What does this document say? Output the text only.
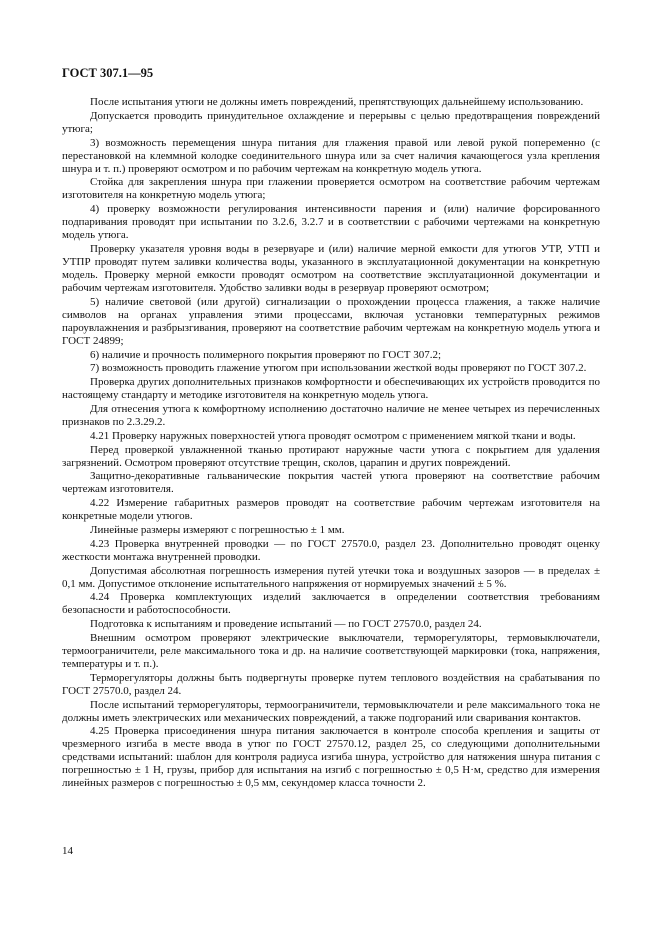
ГОСТ 307.1—95

После испытания утюги не должны иметь повреждений, препятствующих дальнейшему использованию.

Допускается проводить принудительное охлаждение и перерывы с целью предотвращения повреждений утюга;

3) возможность перемещения шнура питания для глажения правой или левой рукой попеременно (с перестановкой на клеммной колодке соединительного шнура или за счет наличия качающегося узла крепления шнура и т. п.) проверяют осмотром и по рабочим чертежам на конкретную модель утюга.

Стойка для закрепления шнура при глажении проверяется осмотром на соответствие рабочим чертежам изготовителя на конкретную модель утюга;

4) проверку возможности регулирования интенсивности парения и (или) наличие форсированного подпаривания проводят при испытании по 3.2.6, 3.2.7 и в соответствии с рабочими чертежами на конкретную модель утюга.

Проверку указателя уровня воды в резервуаре и (или) наличие мерной емкости для утюгов УТР, УТП и УТПР проводят путем заливки количества воды, указанного в эксплуатационной документации на конкретную модель. Проверку мерной емкости проводят осмотром на соответствие эксплуатационной документации и рабочим чертежам изготовителя. Удобство заливки воды в резервуар проверяют осмотром;

5) наличие световой (или другой) сигнализации о прохождении процесса глажения, а также наличие символов на органах управления этими процессами, включая установки температурных режимов пароувлажнения и разбрызгивания, проверяют на соответствие рабочим чертежам на конкретную модель утюга и ГОСТ 24899;

6) наличие и прочность полимерного покрытия проверяют по ГОСТ 307.2;

7) возможность проводить глажение утюгом при использовании жесткой воды проверяют по ГОСТ 307.2.

Проверка других дополнительных признаков комфортности и обеспечивающих их устройств проводится по настоящему стандарту и методике изготовителя на конкретную модель утюга.

Для отнесения утюга к комфортному исполнению достаточно наличие не менее четырех из перечисленных признаков по 2.3.29.2.

4.21 Проверку наружных поверхностей утюга проводят осмотром с применением мягкой ткани и воды.

Перед проверкой увлажненной тканью протирают наружные части утюга с покрытием для удаления загрязнений. Осмотром проверяют отсутствие трещин, сколов, царапин и других повреждений.

Защитно-декоративные гальванические покрытия частей утюга проверяют на соответствие рабочим чертежам изготовителя.

4.22 Измерение габаритных размеров проводят на соответствие рабочим чертежам изготовителя на конкретные модели утюгов.

Линейные размеры измеряют с погрешностью ± 1 мм.

4.23 Проверка внутренней проводки — по ГОСТ 27570.0, раздел 23. Дополнительно проводят оценку жесткости монтажа внутренней проводки.

Допустимая абсолютная погрешность измерения путей утечки тока и воздушных зазоров — в пределах ± 0,1 мм. Допустимое отклонение испытательного напряжения от нормируемых значений ± 5 %.

4.24 Проверка комплектующих изделий заключается в определении соответствия требованиям безопасности и работоспособности.

Подготовка к испытаниям и проведение испытаний — по ГОСТ 27570.0, раздел 24.

Внешним осмотром проверяют электрические выключатели, терморегуляторы, термовыключатели, термоограничители, реле максимального тока и др. на наличие соответствующей маркировки (тока, напряжения, температуры и т. п.).

Терморегуляторы должны быть подвергнуты проверке путем теплового воздействия на срабатывания по ГОСТ 27570.0, раздел 24.

После испытаний терморегуляторы, термоограничители, термовыключатели и реле максимального тока не должны иметь электрических или механических повреждений, а также подгораний или сваривания контактов.

4.25 Проверка присоединения шнура питания заключается в контроле способа крепления и защиты от чрезмерного изгиба в месте ввода в утюг по ГОСТ 27570.12, раздел 25, со следующими дополнительными средствами испытаний: шаблон для контроля радиуса изгиба шнура, устройство для натяжения шнура питания с погрешностью ± 1 Н, грузы, прибор для испытания на изгиб с погрешностью ± 0,5 Н·м, средство для измерения линейных размеров с погрешностью ± 0,5 мм, секундомер класса точности 2.

14
